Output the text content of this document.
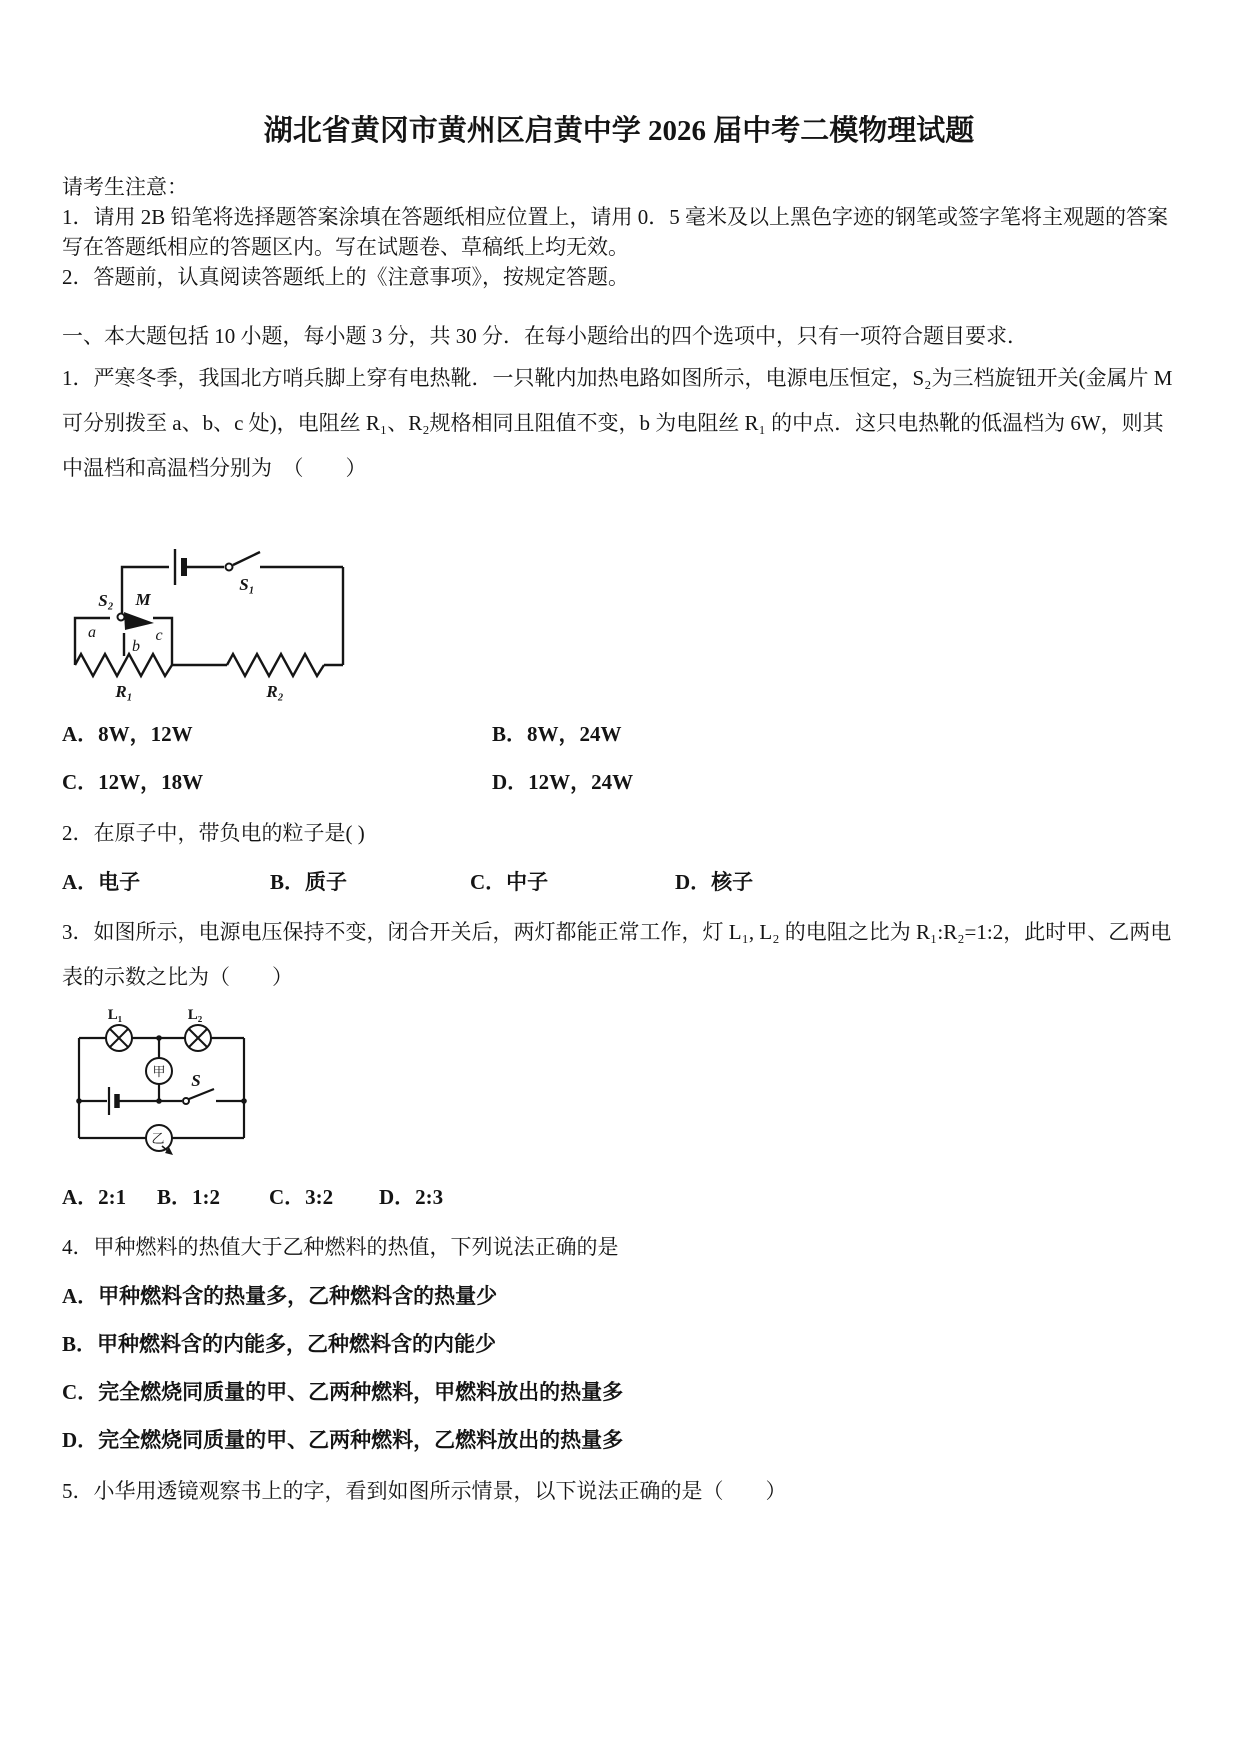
湖北省黄冈市黄州区启黄中学 2026 届中考二模物理试题

请考生注意：

1．请用 2B 铅笔将选择题答案涂填在答题纸相应位置上，请用 0．5 毫米及以上黑色字迹的钢笔或签字笔将主观题的答案写在答题纸相应的答题区内。写在试题卷、草稿纸上均无效。

2．答题前，认真阅读答题纸上的《注意事项》，按规定答题。

一、本大题包括 10 小题，每小题 3 分，共 30 分．在每小题给出的四个选项中，只有一项符合题目要求．

1．严寒冬季，我国北方哨兵脚上穿有电热靴．一只靴内加热电路如图所示，电源电压恒定，S₂为三档旋钮开关(金属片 M 可分别拨至 a、b、c 处)，电阻丝 R₁、R₂规格相同且阻值不变，b 为电阻丝 R₁ 的中点．这只电热靴的低温档为 6W，则其中温档和高温档分别为　（　　）

S₂ M
S₁
a
b
c
R₁	R₂
A．8W，12W	B．8W，24W
C．12W，18W	D．12W，24W

2．在原子中，带负电的粒子是( )

A．电子	B．质子	C．中子	D．核子

3．如图所示，电源电压保持不变，闭合开关后，两灯都能正常工作，灯 L₁, L₂ 的电阻之比为 R₁:R₂=1:2，此时甲、乙两电表的示数之比为（　　）

L₁	L₂
S
甲
乙
A．2:1	B．1:2	C．3:2	D．2:3

4．甲种燃料的热值大于乙种燃料的热值，下列说法正确的是

A．甲种燃料含的热量多，乙种燃料含的热量少

B．甲种燃料含的内能多，乙种燃料含的内能少

C．完全燃烧同质量的甲、乙两种燃料，甲燃料放出的热量多

D．完全燃烧同质量的甲、乙两种燃料，乙燃料放出的热量多

5．小华用透镜观察书上的字，看到如图所示情景，以下说法正确的是（　　）
